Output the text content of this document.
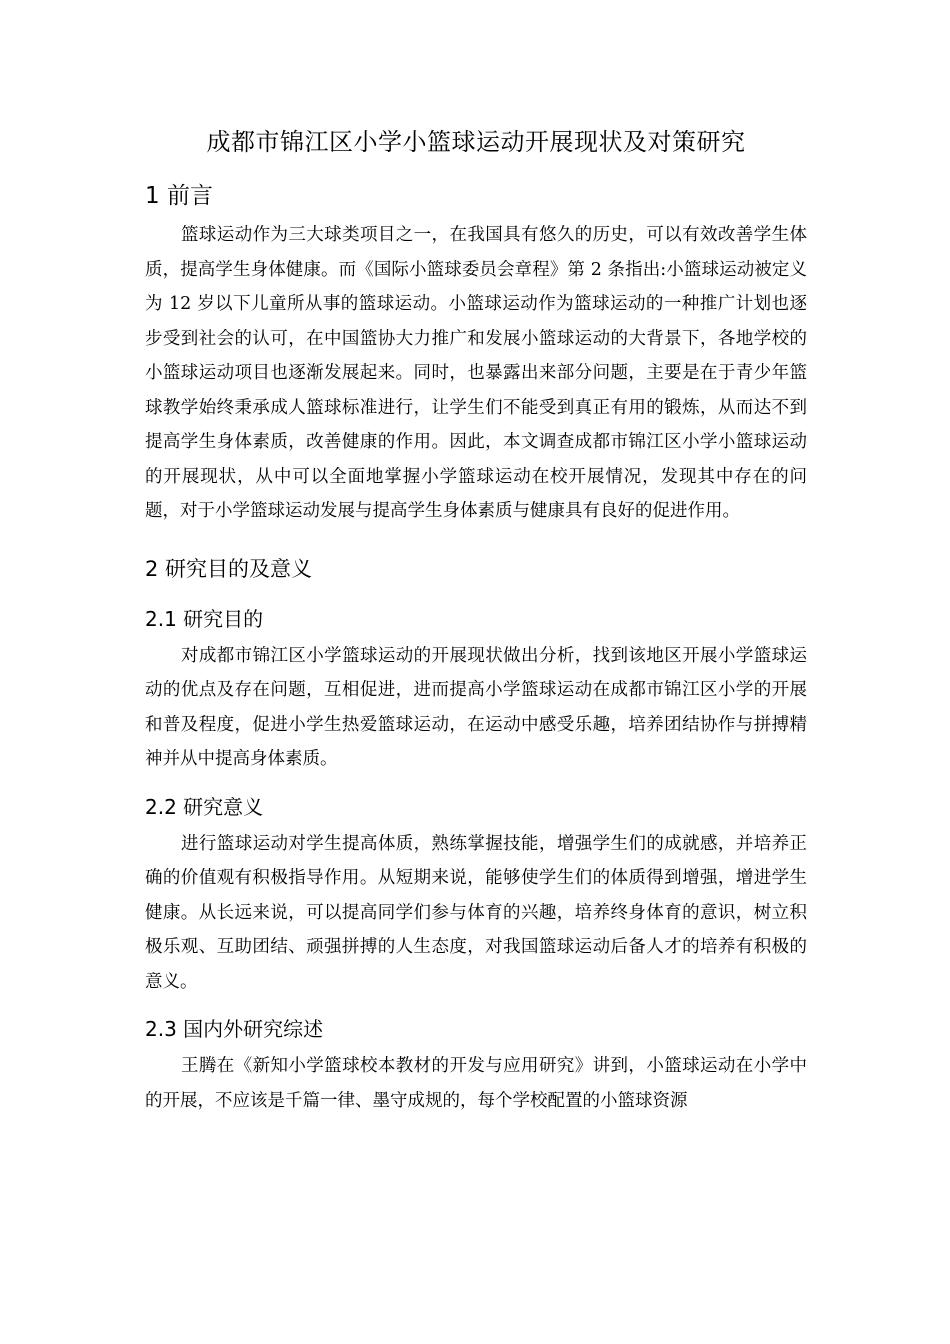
成都市锦江区小学小篮球运动开展现状及对策研究
1 前言

篮球运动作为三大球类项目之一，在我国具有悠久的历史，可以有效改善学生体质，提高学生身体健康。而《国际小篮球委员会章程》第 2 条指出:小篮球运动被定义为 12 岁以下儿童所从事的篮球运动。小篮球运动作为篮球运动的一种推广计划也逐步受到社会的认可，在中国篮协大力推广和发展小篮球运动的大背景下，各地学校的小篮球运动项目也逐渐发展起来。同时，也暴露出来部分问题，主要是在于青少年篮球教学始终秉承成人篮球标准进行，让学生们不能受到真正有用的锻炼，从而达不到提高学生身体素质，改善健康的作用。因此，本文调查成都市锦江区小学小篮球运动的开展现状，从中可以全面地掌握小学篮球运动在校开展情况，发现其中存在的问题，对于小学篮球运动发展与提高学生身体素质与健康具有良好的促进作用。

2 研究目的及意义
2.1 研究目的

对成都市锦江区小学篮球运动的开展现状做出分析，找到该地区开展小学篮球运动的优点及存在问题，互相促进，进而提高小学篮球运动在成都市锦江区小学的开展和普及程度，促进小学生热爱篮球运动，在运动中感受乐趣，培养团结协作与拼搏精神并从中提高身体素质。

2.2 研究意义

进行篮球运动对学生提高体质，熟练掌握技能，增强学生们的成就感，并培养正确的价值观有积极指导作用。从短期来说，能够使学生们的体质得到增强，增进学生健康。从长远来说，可以提高同学们参与体育的兴趣，培养终身体育的意识，树立积极乐观、互助团结、顽强拼搏的人生态度，对我国篮球运动后备人才的培养有积极的意义。

2.3 国内外研究综述

王腾在《新知小学篮球校本教材的开发与应用研究》讲到，小篮球运动在小学中的开展，不应该是千篇一律、墨守成规的，每个学校配置的小篮球资源
